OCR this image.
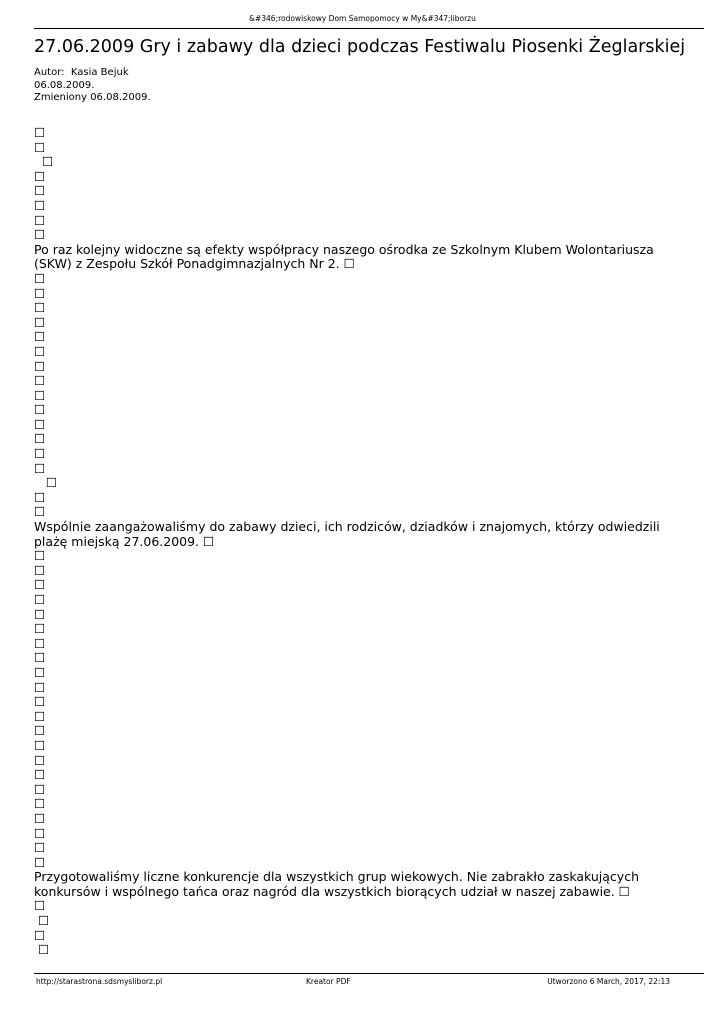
&#346;rodowiskowy Dom Samopomocy w My&#347;liborzu
27.06.2009 Gry i zabawy dla dzieci podczas Festiwalu Piosenki Żeglarskiej
Autor:  Kasia Bejuk
06.08.2009.
Zmieniony 06.08.2009.
☐
☐
☐
☐
☐
☐
☐
☐
Po raz kolejny widoczne są efekty współpracy naszego ośrodka ze Szkolnym Klubem Wolontariusza (SKW) z Zespołu Szkół Ponadgimnazjalnych Nr 2. ☐
☐
☐
☐
☐
☐
☐
☐
☐
☐
☐
☐
☐
☐
☐
☐
☐
☐
Wspólnie zaangażowaliśmy do zabawy dzieci, ich rodziców, dziadków i znajomych, którzy odwiedzili plażę miejską 27.06.2009. ☐
☐
☐
☐
☐
☐
☐
☐
☐
☐
☐
☐
☐
☐
☐
☐
☐
☐
☐
☐
☐
☐
☐
Przygotowaliśmy liczne konkurencje dla wszystkich grup wiekowych. Nie zabrakło zaskakujących konkursów i wspólnego tańca oraz nagród dla wszystkich biorących udział w naszej zabawie. ☐
☐
☐
☐
☐
http://starastrona.sdsmysliborz.pl	Kreator PDF	Utworzono 6 March, 2017, 22:13
